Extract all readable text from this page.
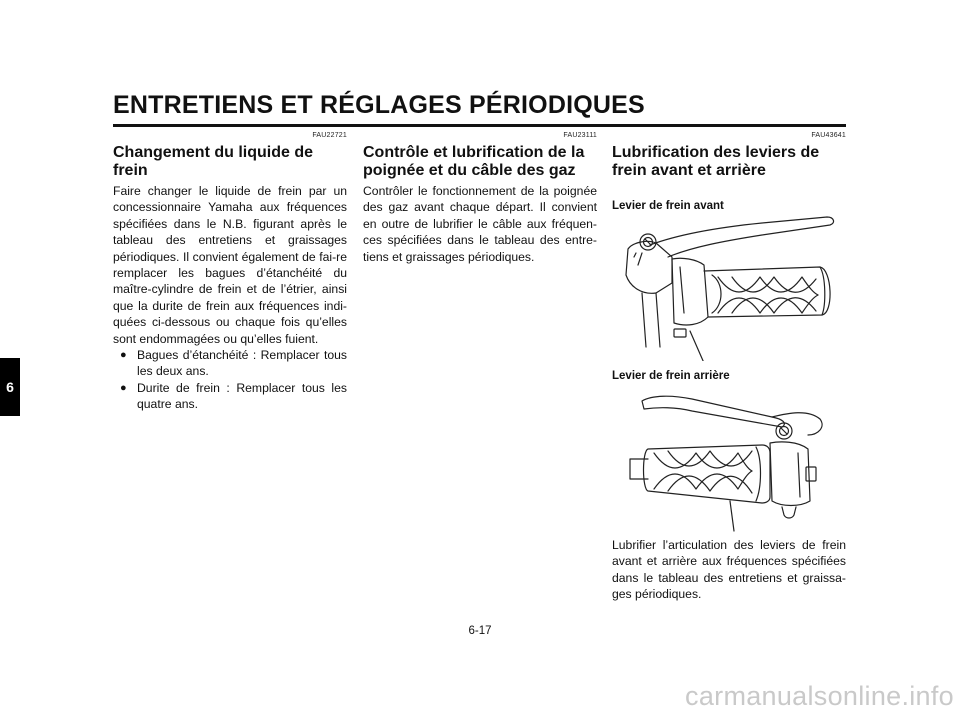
ENTRETIENS ET RÉGLAGES PÉRIODIQUES
6
FAU22721
Changement du liquide de frein

Faire changer le liquide de frein par un concessionnaire Yamaha aux fréquences spécifiées dans le N.B. figurant après le tableau des entretiens et graissages périodiques. Il convient également de fai-re remplacer les bagues d’étanchéité du maître-cylindre de frein et de l’étrier, ainsi que la durite de frein aux fréquences indi-quées ci-dessous ou chaque fois qu’elles sont endommagées ou qu’elles fuient.

● Bagues d’étanchéité : Remplacer tous les deux ans.
● Durite de frein : Remplacer tous les quatre ans.
FAU23111
Contrôle et lubrification de la poignée et du câble des gaz

Contrôler le fonctionnement de la poignée des gaz avant chaque départ. Il convient en outre de lubrifier le câble aux fréquen-ces spécifiées dans le tableau des entre-tiens et graissages périodiques.

FAU43641
Lubrification des leviers de frein avant et arrière

Levier de frein avant

Levier de frein arrière

Lubrifier l’articulation des leviers de frein avant et arrière aux fréquences spécifiées dans le tableau des entretiens et graissa-ges périodiques.

6-17
carmanualsonline.info
